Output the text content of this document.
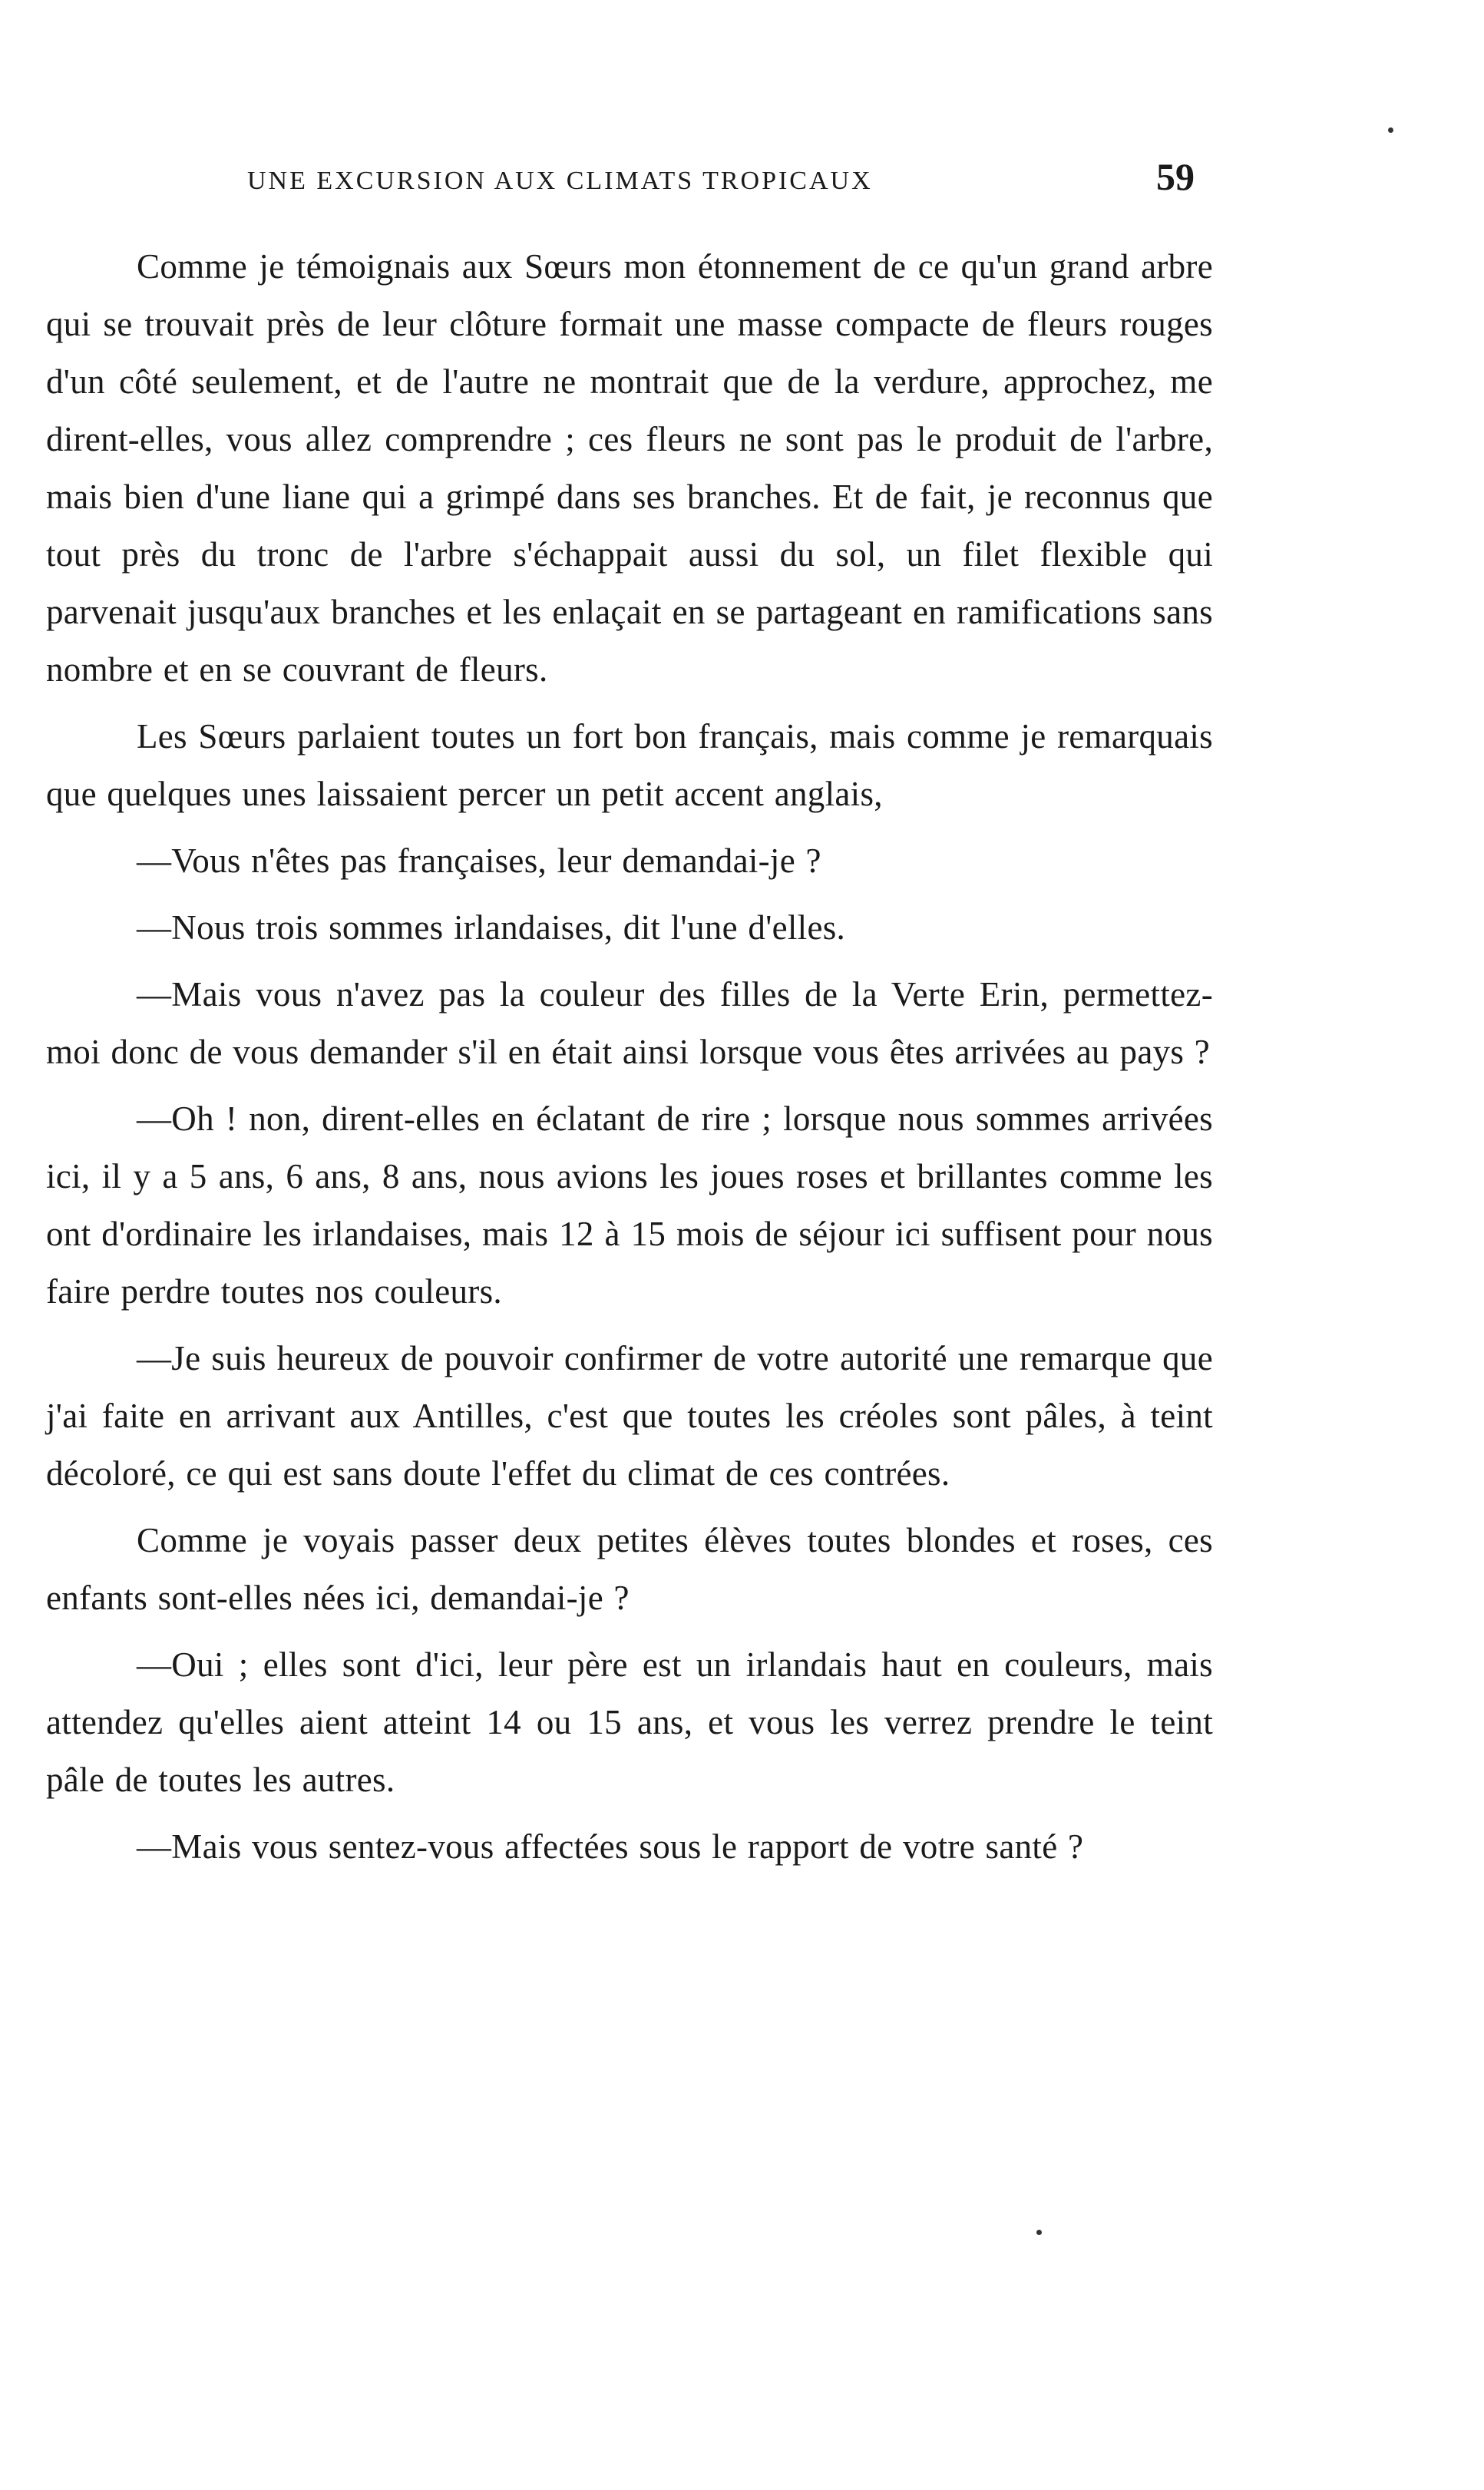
UNE EXCURSION AUX CLIMATS TROPICAUX	59

Comme je témoignais aux Sœurs mon étonnement de ce qu'un grand arbre qui se trouvait près de leur clôture formait une masse compacte de fleurs rouges d'un côté seulement, et de l'autre ne montrait que de la verdure, approchez, me dirent-elles, vous allez comprendre ; ces fleurs ne sont pas le produit de l'arbre, mais bien d'une liane qui a grimpé dans ses branches. Et de fait, je reconnus que tout près du tronc de l'arbre s'échappait aussi du sol, un filet flexible qui parvenait jusqu'aux branches et les enlaçait en se partageant en ramifications sans nombre et en se couvrant de fleurs.

Les Sœurs parlaient toutes un fort bon français, mais comme je remarquais que quelques unes laissaient percer un petit accent anglais,

—Vous n'êtes pas françaises, leur demandai-je ?

—Nous trois sommes irlandaises, dit l'une d'elles.

—Mais vous n'avez pas la couleur des filles de la Verte Erin, permettez-moi donc de vous demander s'il en était ainsi lorsque vous êtes arrivées au pays ?

—Oh ! non, dirent-elles en éclatant de rire ; lorsque nous sommes arrivées ici, il y a 5 ans, 6 ans, 8 ans, nous avions les joues roses et brillantes comme les ont d'ordinaire les irlandaises, mais 12 à 15 mois de séjour ici suffisent pour nous faire perdre toutes nos couleurs.

—Je suis heureux de pouvoir confirmer de votre autorité une remarque que j'ai faite en arrivant aux Antilles, c'est que toutes les créoles sont pâles, à teint décoloré, ce qui est sans doute l'effet du climat de ces contrées.

Comme je voyais passer deux petites élèves toutes blondes et roses, ces enfants sont-elles nées ici, demandai-je ?

—Oui ; elles sont d'ici, leur père est un irlandais haut en couleurs, mais attendez qu'elles aient atteint 14 ou 15 ans, et vous les verrez prendre le teint pâle de toutes les autres.

—Mais vous sentez-vous affectées sous le rapport de votre santé ?
